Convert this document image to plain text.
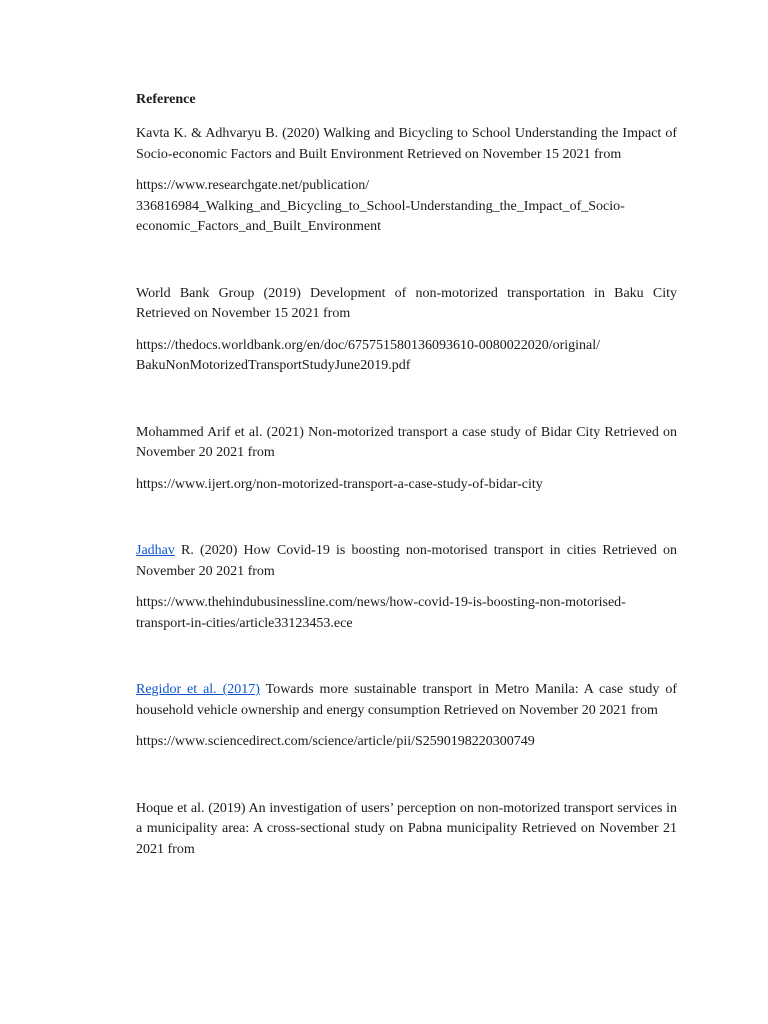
Reference

Kavta K. & Adhvaryu B. (2020) Walking and Bicycling to School Understanding the Impact of Socio-economic Factors and Built Environment Retrieved on November 15 2021 from

https://www.researchgate.net/publication/
336816984_Walking_and_Bicycling_to_School-Understanding_the_Impact_of_Socio-
economic_Factors_and_Built_Environment

World Bank Group (2019) Development of non-motorized transportation in Baku City Retrieved on November 15 2021 from

https://thedocs.worldbank.org/en/doc/675751580136093610-0080022020/original/
BakuNonMotorizedTransportStudyJune2019.pdf

Mohammed Arif et al. (2021) Non-motorized transport a case study of Bidar City Retrieved on November 20 2021 from

https://www.ijert.org/non-motorized-transport-a-case-study-of-bidar-city

Jadhav R. (2020) How Covid-19 is boosting non-motorised transport in cities Retrieved on November 20 2021 from

https://www.thehindubusinessline.com/news/how-covid-19-is-boosting-non-motorised-
transport-in-cities/article33123453.ece

Regidor et al. (2017) Towards more sustainable transport in Metro Manila: A case study of household vehicle ownership and energy consumption Retrieved on November 20 2021 from

https://www.sciencedirect.com/science/article/pii/S2590198220300749

Hoque et al. (2019) An investigation of users’ perception on non-motorized transport services in a municipality area: A cross-sectional study on Pabna municipality Retrieved on November 21 2021 from
